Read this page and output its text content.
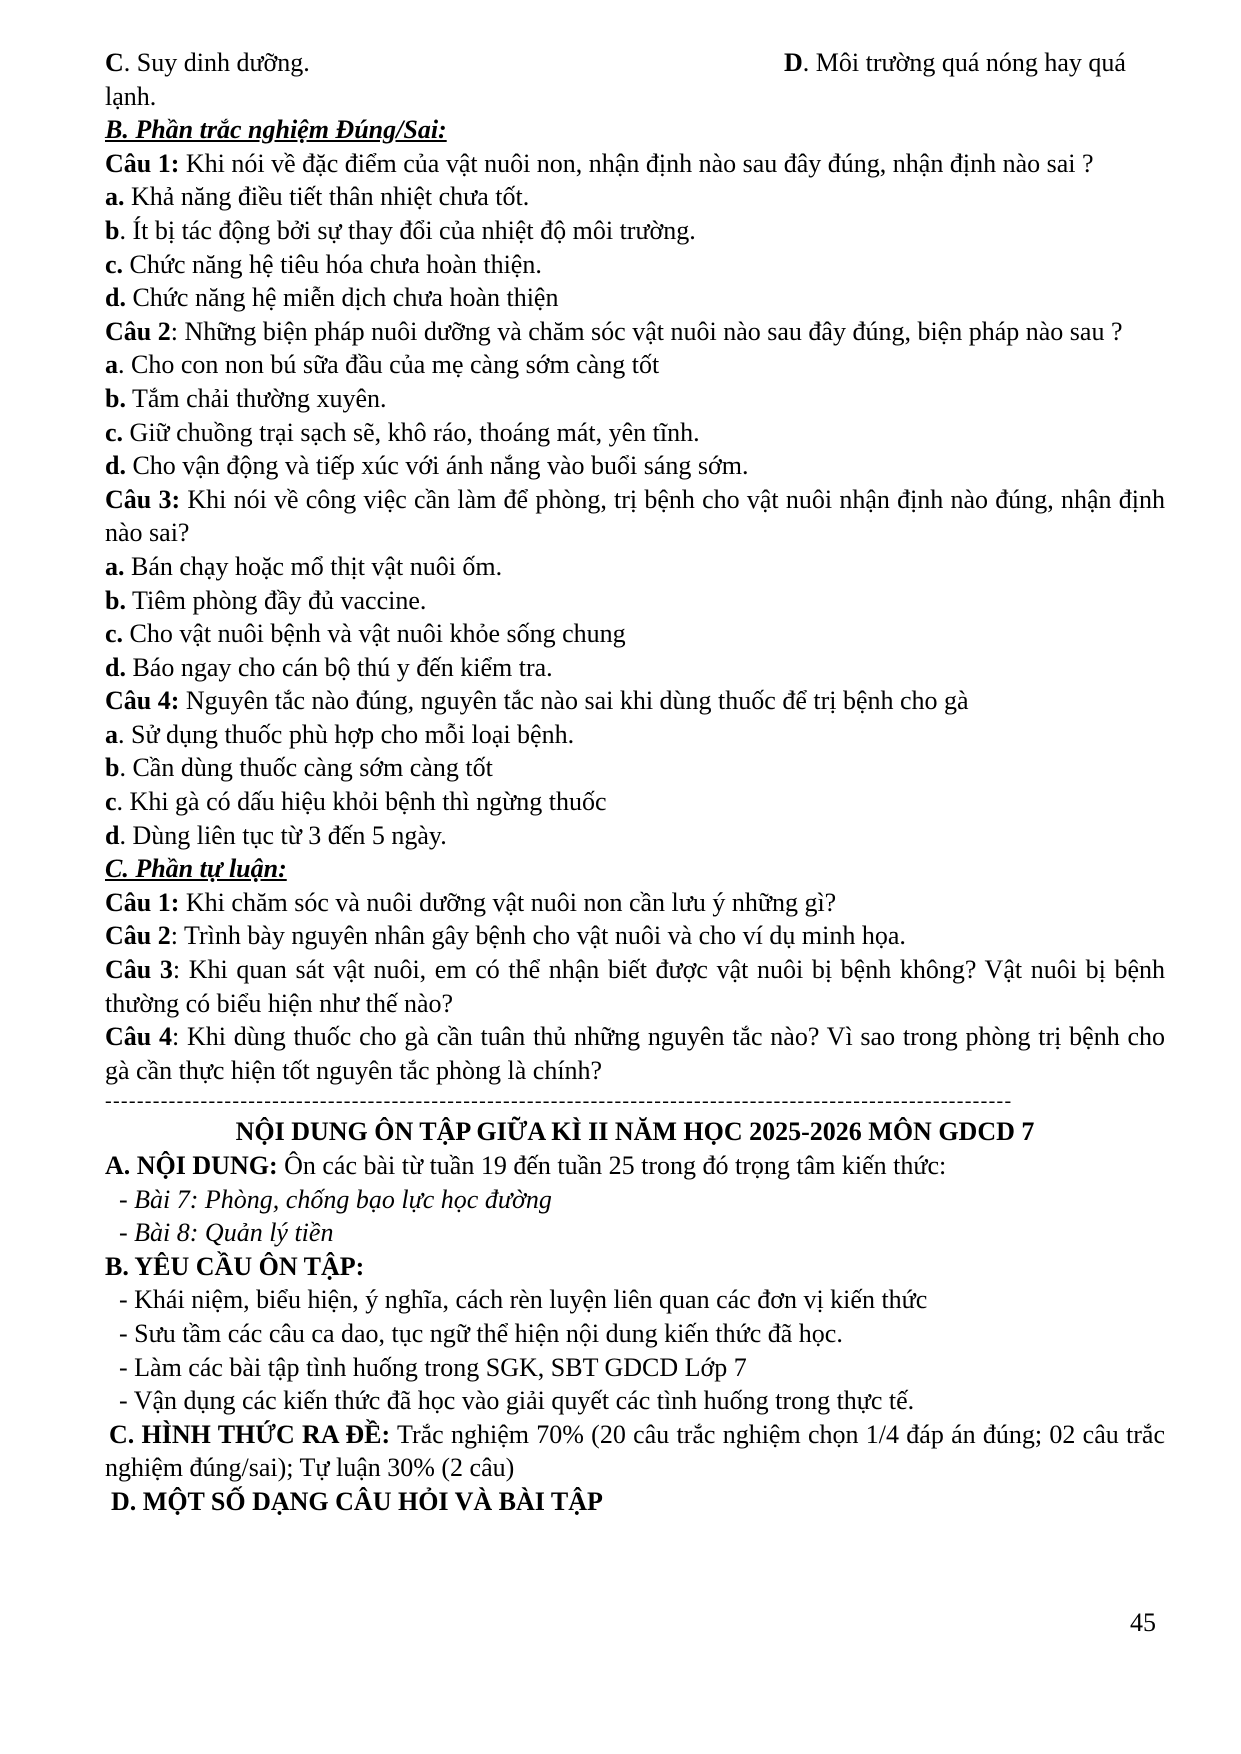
C. Suy dinh dưỡng.	D. Môi trường quá nóng hay quá

lạnh.

B. Phần trắc nghiệm Đúng/Sai:

Câu 1: Khi nói về đặc điểm của vật nuôi non, nhận định nào sau đây đúng, nhận định nào sai ?

a. Khả năng điều tiết thân nhiệt chưa tốt.

b. Ít bị tác động bởi sự thay đổi của nhiệt độ môi trường.

c. Chức năng hệ tiêu hóa chưa hoàn thiện.

d. Chức năng hệ miễn dịch chưa hoàn thiện

Câu 2: Những biện pháp nuôi dưỡng và chăm sóc vật nuôi nào sau đây đúng, biện pháp nào sau ?

a. Cho con non bú sữa đầu của mẹ càng sớm càng tốt

b. Tắm chải thường xuyên.

c. Giữ chuồng trại sạch sẽ, khô ráo, thoáng mát, yên tĩnh.

d. Cho vận động và tiếp xúc với ánh nắng vào buổi sáng sớm.

Câu 3: Khi nói về công việc cần làm để phòng, trị bệnh cho vật nuôi nhận định nào đúng, nhận định nào sai?

a. Bán chạy hoặc mổ thịt vật nuôi ốm.

b. Tiêm phòng đầy đủ vaccine.

c. Cho vật nuôi bệnh và vật nuôi khỏe sống chung

d. Báo ngay cho cán bộ thú y đến kiểm tra.

Câu 4: Nguyên tắc nào đúng, nguyên tắc nào sai khi dùng thuốc để trị bệnh cho gà

a. Sử dụng thuốc phù hợp cho mỗi loại bệnh.

b. Cần dùng thuốc càng sớm càng tốt

c. Khi gà có dấu hiệu khỏi bệnh thì ngừng thuốc

d. Dùng liên tục từ 3 đến 5 ngày.

C. Phần tự luận:

Câu 1: Khi chăm sóc và nuôi dưỡng vật nuôi non cần lưu ý những gì?

Câu 2: Trình bày nguyên nhân gây bệnh cho vật nuôi và cho ví dụ minh họa.

Câu 3: Khi quan sát vật nuôi, em có thể nhận biết được vật nuôi bị bệnh không? Vật nuôi bị bệnh thường có biểu hiện như thế nào?

Câu 4: Khi dùng thuốc cho gà cần tuân thủ những nguyên tắc nào? Vì sao trong phòng trị bệnh cho gà cần thực hiện tốt nguyên tắc phòng là chính?

------------------------------------------------------------------------------------------------------------------

NỘI DUNG ÔN TẬP GIỮA KÌ II NĂM HỌC 2025-2026 MÔN GDCD 7

A. NỘI DUNG: Ôn các bài từ tuần 19 đến tuần 25 trong đó trọng tâm kiến thức:

- Bài 7: Phòng, chống bạo lực học đường

- Bài 8: Quản lý tiền

B. YÊU CẦU ÔN TẬP:

- Khái niệm, biểu hiện, ý nghĩa, cách rèn luyện liên quan các đơn vị kiến thức

- Sưu tầm các câu ca dao, tục ngữ thể hiện nội dung kiến thức đã học.

- Làm các bài tập tình huống trong SGK, SBT GDCD Lớp 7

- Vận dụng các kiến thức đã học vào giải quyết các tình huống trong thực tế.

C. HÌNH THỨC RA ĐỀ: Trắc nghiệm 70% (20 câu trắc nghiệm chọn 1/4 đáp án đúng; 02 câu trắc nghiệm đúng/sai); Tự luận 30% (2 câu)

D. MỘT SỐ DẠNG CÂU HỎI VÀ BÀI TẬP

45
